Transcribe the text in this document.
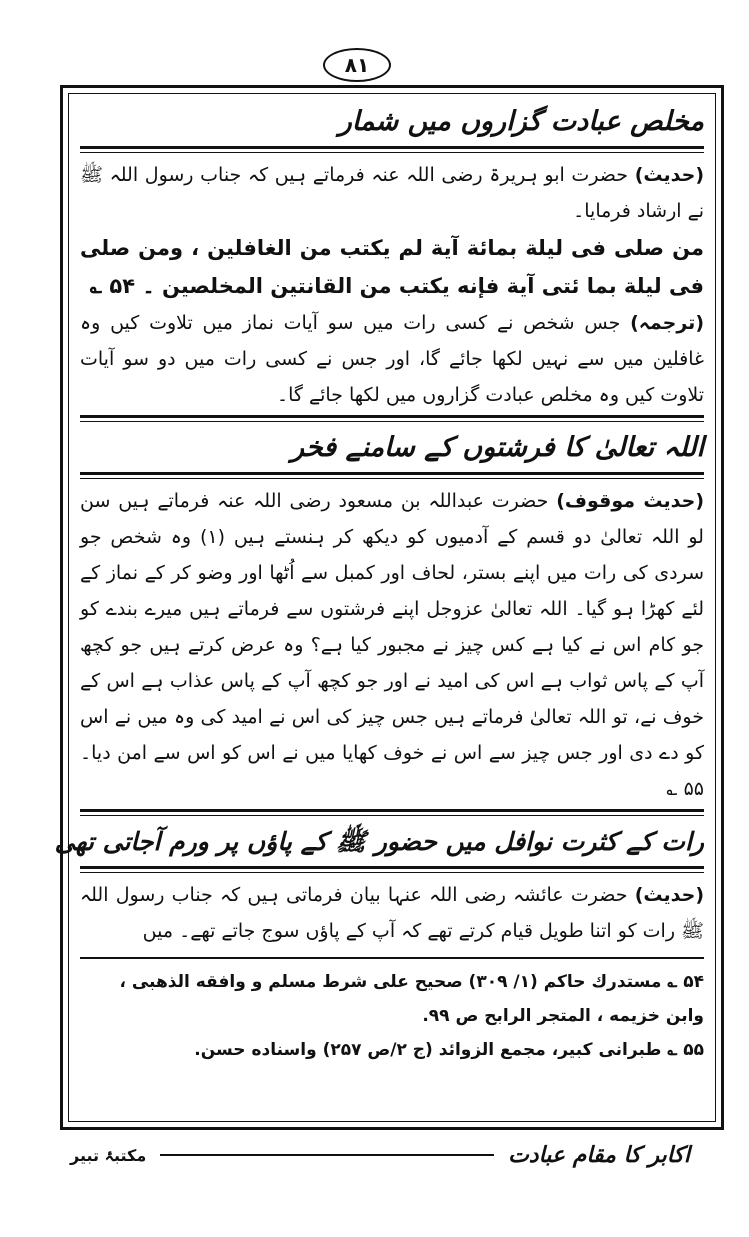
٨١
مخلص عبادت گزاروں میں شمار
( حدیث ) حضرت ابو ہریرۃ رضی اللہ عنہ فرماتے ہیں کہ جناب رسول اللہ ﷺ نے ارشاد فرمایا۔
من صلی فی لیلة بمائة آیة لم یکتب من الغافلین ، ومن صلی فی لیلة بما ئتی آیة فإنه یکتب من القانتین المخلصین ۔ ۵۴ ؎
( ترجمہ ) جس شخص نے کسی رات میں سو آیات نماز میں تلاوت کیں وہ غافلین میں سے نہیں لکھا جائے گا، اور جس نے کسی رات میں دو سو آیات تلاوت کیں وہ مخلص عبادت گزاروں میں لکھا جائے گا۔
اللہ تعالیٰ کا فرشتوں کے سامنے فخر
( حدیث موقوف ) حضرت عبداللہ بن مسعود رضی اللہ عنہ فرماتے ہیں سن لو اللہ تعالیٰ دو قسم کے آدمیوں کو دیکھ کر ہنستے ہیں (۱) وہ شخص جو سردی کی رات میں اپنے بستر، لحاف اور کمبل سے اُٹھا اور وضو کر کے نماز کے لئے کھڑا ہو گیا۔ اللہ تعالیٰ عزوجل اپنے فرشتوں سے فرماتے ہیں میرے بندے کو جو کام اس نے کیا ہے کس چیز نے مجبور کیا ہے؟ وہ عرض کرتے ہیں جو کچھ آپ کے پاس ثواب ہے اس کی امید نے اور جو کچھ آپ کے پاس عذاب ہے اس کے خوف نے، تو اللہ تعالیٰ فرماتے ہیں جس چیز کی اس نے امید کی وہ میں نے اس کو دے دی اور جس چیز سے اس نے خوف کھایا میں نے اس کو اس سے امن دیا۔ ۵۵ ؎
رات کے کثرت نوافل میں حضور ﷺ کے پاؤں پر ورم آجاتی تھی
( حدیث ) حضرت عائشہ رضی اللہ عنہا بیان فرماتی ہیں کہ جناب رسول اللہ ﷺ رات کو اتنا طویل قیام کرتے تھے کہ آپ کے پاؤں سوج جاتے تھے۔ میں
۵۴ ؎ مستدرك حاكم (۱/ ۳۰۹) صحیح علی شرط مسلم و وافقه الذهبی ، وابن خزیمه ، المتجر الرابح ص ۹۹.
۵۵ ؎ طبرانی کبیر، مجمع الزوائد (ج ۲/ص ۲۵۷) واسناده حسن.
اکابر کا مقام عبادت
مکتبۂ تبیر
